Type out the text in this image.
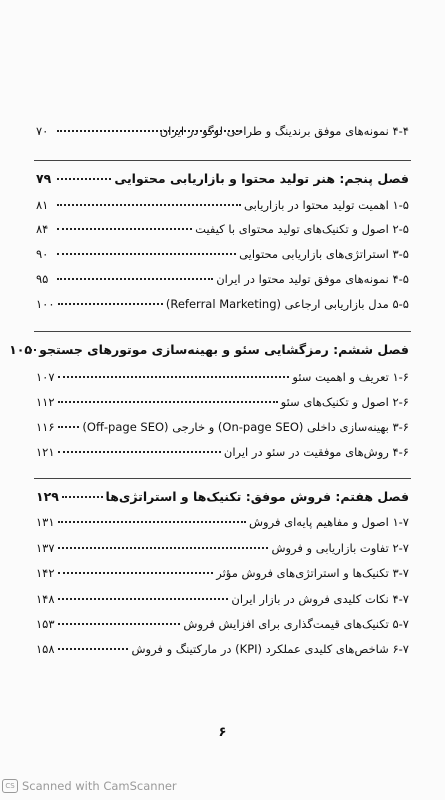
۴-۴ نمونه‌های موفق برندینگ و طراحی لوگو در ایران
۷۰
فصل پنجم: هنر تولید محتوا و بازاریابی محتوایی
۷۹
۱-۵ اهمیت تولید محتوا در بازاریابی
۸۱
۲-۵ اصول و تکنیک‌های تولید محتوای با کیفیت
۸۴
۳-۵ استراتژی‌های بازاریابی محتوایی
۹۰
۴-۵ نمونه‌های موفق تولید محتوا در ایران
۹۵
۵-۵ مدل بازاریابی ارجاعی (Referral Marketing)
۱۰۰
فصل ششم: رمزگشایی سئو و بهینه‌سازی موتورهای جستجو
۱۰۵
۱-۶ تعریف و اهمیت سئو
۱۰۷
۲-۶ اصول و تکنیک‌های سئو
۱۱۲
۳-۶ بهینه‌سازی داخلی (On-page SEO) و خارجی (Off-page SEO)
۱۱۶
۴-۶ روش‌های موفقیت در سئو در ایران
۱۲۱
فصل هفتم: فروش موفق: تکنیک‌ها و استراتژی‌ها
۱۲۹
۱-۷ اصول و مفاهیم پایه‌ای فروش
۱۳۱
۲-۷ تفاوت بازاریابی و فروش
۱۳۷
۳-۷ تکنیک‌ها و استراتژی‌های فروش مؤثر
۱۴۲
۴-۷ نکات کلیدی فروش در بازار ایران
۱۴۸
۵-۷ تکنیک‌های قیمت‌گذاری برای افزایش فروش
۱۵۳
۶-۷ شاخص‌های کلیدی عملکرد (KPI) در مارکتینگ و فروش
۱۵۸
۶
CS Scanned with CamScanner
